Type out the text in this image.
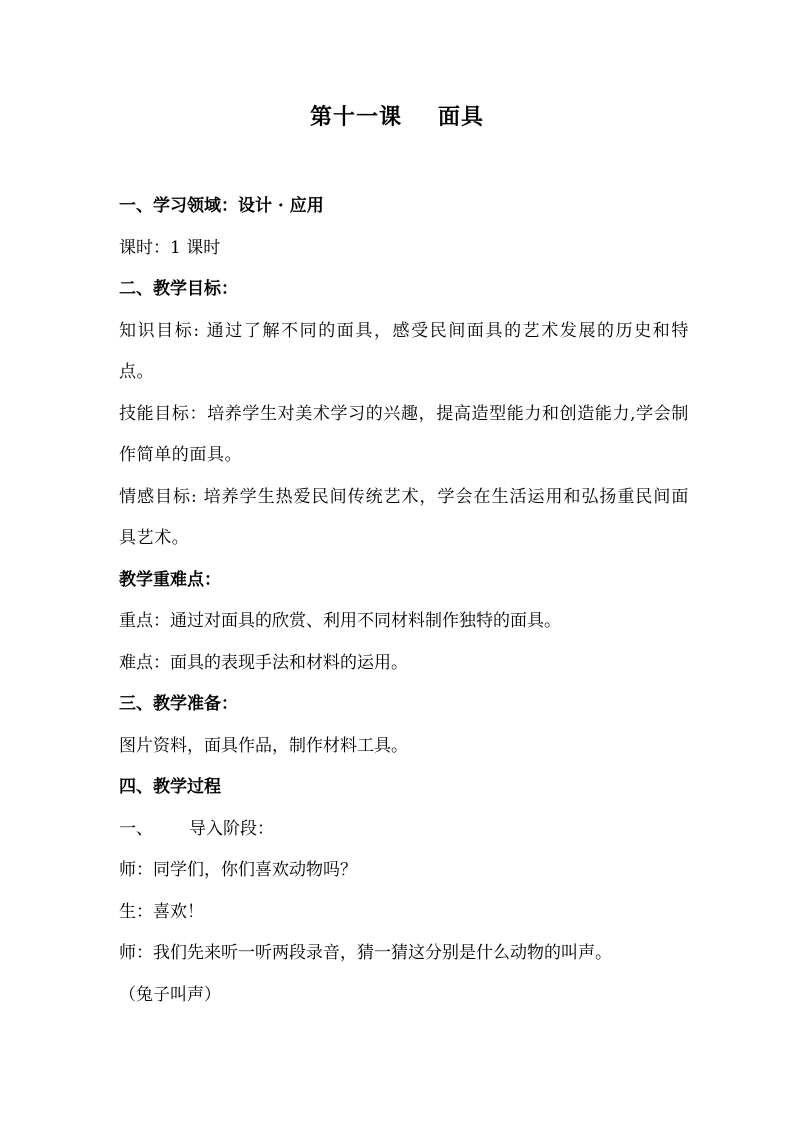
第十一课 面具
一、学习领域：设计 · 应用
课时：1 课时
二、教学目标：
知识目标: 通过了解不同的面具，感受民间面具的艺术发展的历史和特点。
技能目标：培养学生对美术学习的兴趣，提高造型能力和创造能力,学会制作简单的面具。
情感目标: 培养学生热爱民间传统艺术，学会在生活运用和弘扬重民间面具艺术。
教学重难点：
重点：通过对面具的欣赏、利用不同材料制作独特的面具。
难点：面具的表现手法和材料的运用。
三、教学准备：
图片资料，面具作品，制作材料工具。
四、教学过程
一、 导入阶段：
师：同学们，你们喜欢动物吗？
生：喜欢！
师：我们先来听一听两段录音，猜一猜这分别是什么动物的叫声。
（兔子叫声）
